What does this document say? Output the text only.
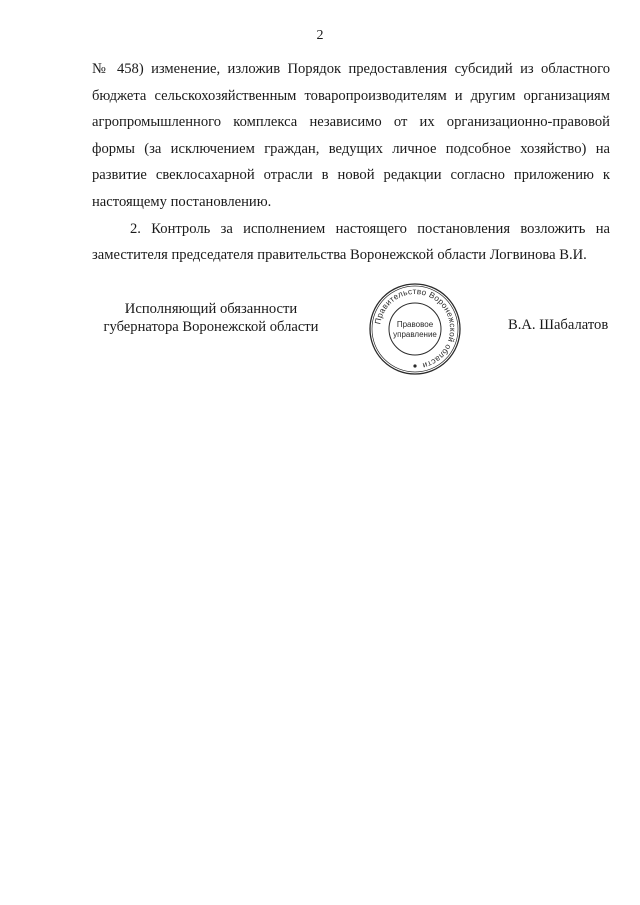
2

№ 458) изменение, изложив Порядок предоставления субсидий из областного бюджета сельскохозяйственным товаропроизводителям и другим организациям агропромышленного комплекса независимо от их организационно-правовой формы (за исключением граждан, ведущих личное подсобное хозяйство) на развитие свеклосахарной отрасли в новой редакции согласно приложению к настоящему постановлению.

2. Контроль за исполнением настоящего постановления возложить на заместителя председателя правительства Воронежской области Логвинова В.И.

Исполняющий обязанности
губернатора Воронежской области	Правительство Воронежской области
Правовое
управление
В.А. Шабалатов
